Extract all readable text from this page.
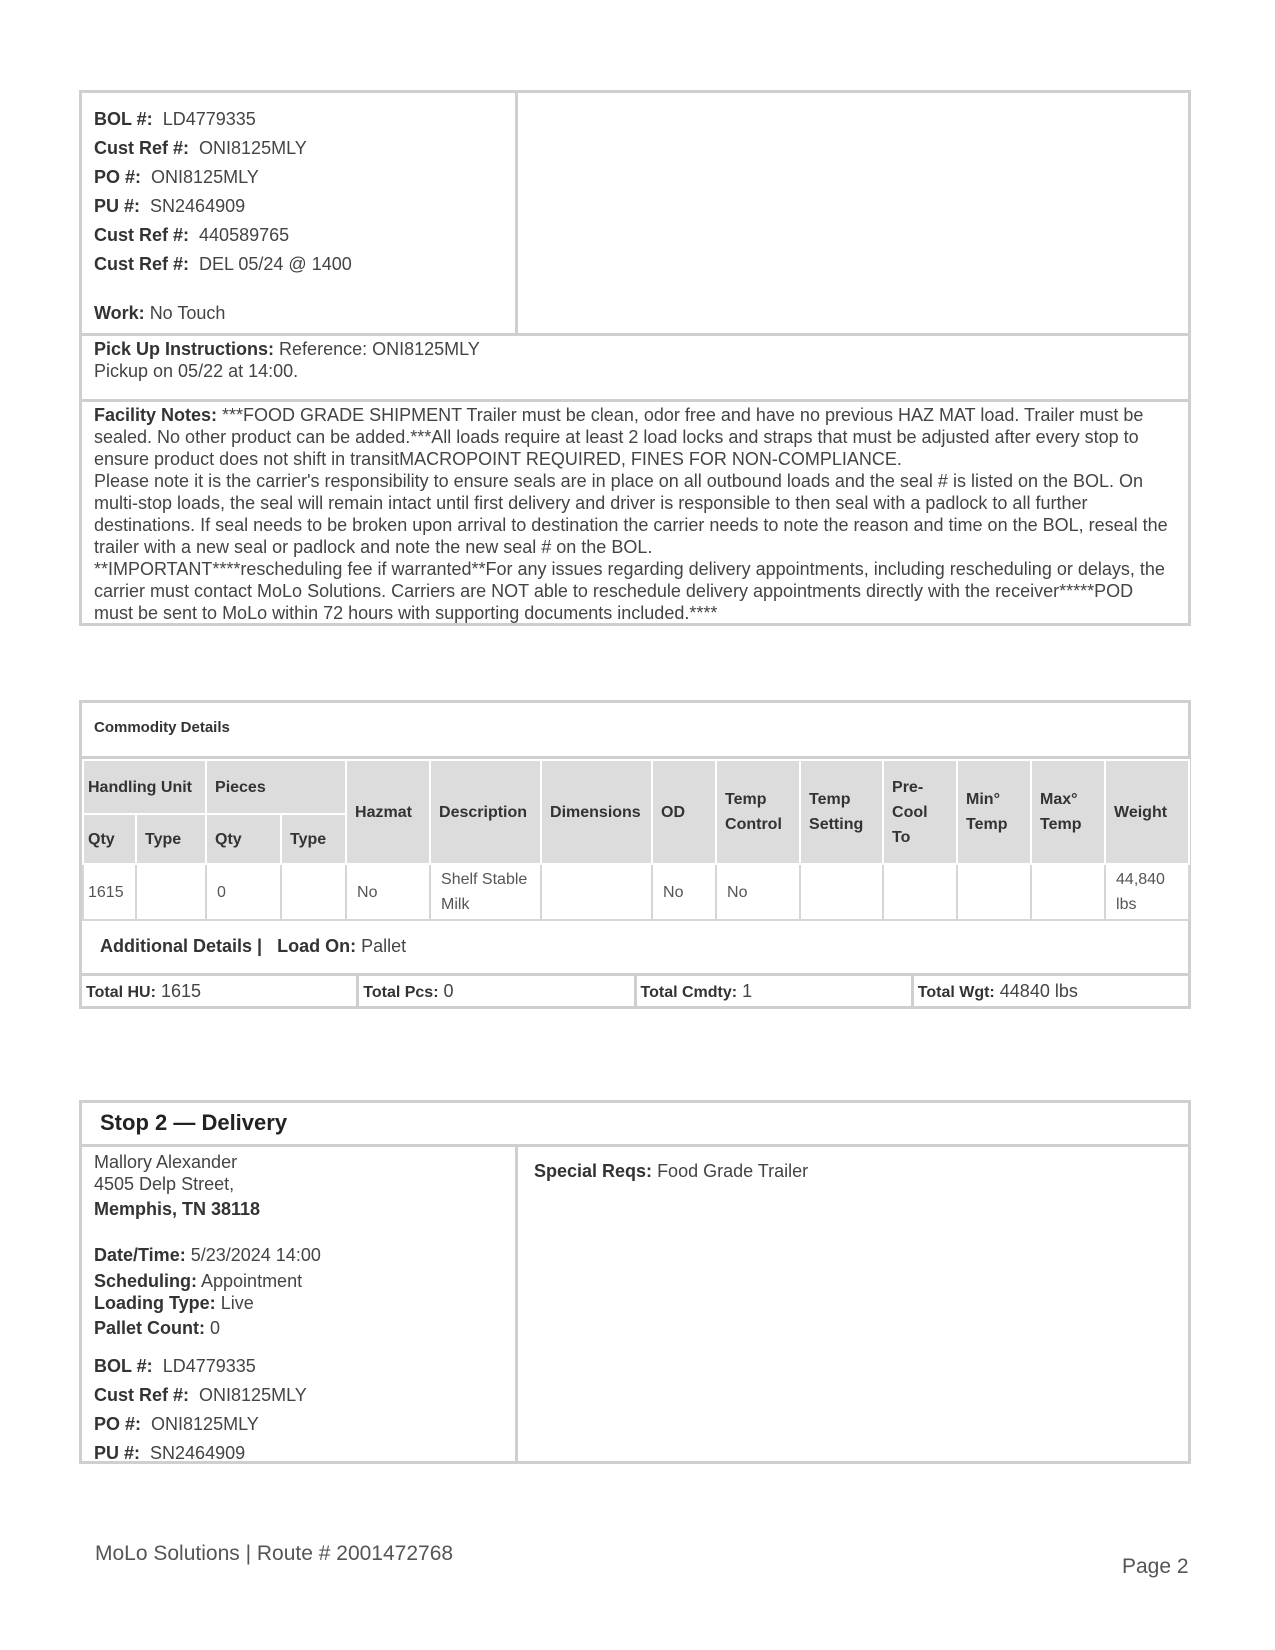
BOL #: LD4779335
Cust Ref #: ONI8125MLY
PO #: ONI8125MLY
PU #: SN2464909
Cust Ref #: 440589765
Cust Ref #: DEL 05/24 @ 1400
Work: No Touch
Pick Up Instructions: Reference: ONI8125MLY
Pickup on 05/22 at 14:00.

Facility Notes: ***FOOD GRADE SHIPMENT Trailer must be clean, odor free and have no previous HAZ MAT load. Trailer must be sealed. No other product can be added.***All loads require at least 2 load locks and straps that must be adjusted after every stop to ensure product does not shift in transitMACROPOINT REQUIRED, FINES FOR NON-COMPLIANCE.

Please note it is the carrier's responsibility to ensure seals are in place on all outbound loads and the seal # is listed on the BOL. On multi-stop loads, the seal will remain intact until first delivery and driver is responsible to then seal with a padlock to all further destinations. If seal needs to be broken upon arrival to destination the carrier needs to note the reason and time on the BOL, reseal the trailer with a new seal or padlock and note the new seal # on the BOL.

**IMPORTANT****rescheduling fee if warranted**For any issues regarding delivery appointments, including rescheduling or delays, the carrier must contact MoLo Solutions. Carriers are NOT able to reschedule delivery appointments directly with the receiver*****POD must be sent to MoLo within 72 hours with supporting documents included.****

Commodity Details
Handling Unit		Pieces		Hazmat	Description	Dimensions	OD	Temp Control	Temp Setting	Pre-Cool To	Min° Temp	Max° Temp	Weight
Qty	Type	Qty	Type										
1615		0		No	Shelf Stable Milk		No	No					44,840 lbs
Additional Details | Load On: Pallet
Total HU: 1615	Total Pcs: 0	Total Cmdty: 1	Total Wgt: 44840 lbs
Stop 2 — Delivery
Mallory Alexander
4505 Delp Street,
Memphis, TN 38118
Date/Time: 5/23/2024 14:00
Scheduling: Appointment
Loading Type: Live
Pallet Count: 0
BOL #: LD4779335
Cust Ref #: ONI8125MLY
PO #: ONI8125MLY
PU #: SN2464909
Special Reqs: Food Grade Trailer
MoLo Solutions | Route # 2001472768
Page 2
